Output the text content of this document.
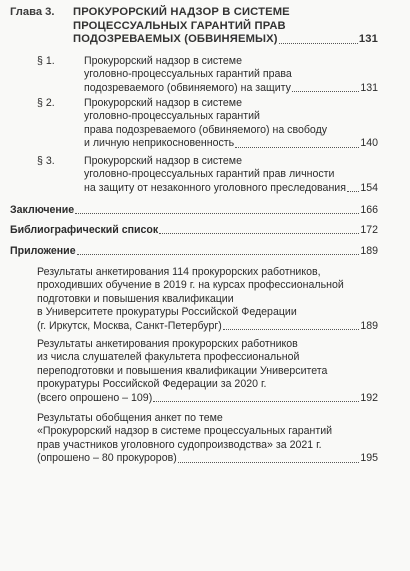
Глава 3. ПРОКУРОРСКИЙ НАДЗОР В СИСТЕМЕ
ПРОЦЕССУАЛЬНЫХ ГАРАНТИЙ ПРАВ
ПОДОЗРЕВАЕМЫХ (ОБВИНЯЕМЫХ)	131
§ 1.	Прокурорский надзор в системе
уголовно-процессуальных гарантий права
подозреваемого (обвиняемого) на защиту	131
§ 2.	Прокурорский надзор в системе
уголовно-процессуальных гарантий
права подозреваемого (обвиняемого) на свободу
и личную неприкосновенность	140
§ 3.	Прокурорский надзор в системе
уголовно-процессуальных гарантий прав личности
на защиту от незаконного уголовного преследования 154
Заключение	166
Библиографический список	172
Приложение	189
Результаты анкетирования 114 прокурорских работников,
проходивших обучение в 2019 г. на курсах профессиональной
подготовки и повышения квалификации
в Университете прокуратуры Российской Федерации
(г. Иркутск, Москва, Санкт-Петербург)	189
Результаты анкетирования прокурорских работников
из числа слушателей факультета профессиональной
переподготовки и повышения квалификации Университета
прокуратуры Российской Федерации за 2020 г.
(всего опрошено – 109)	192
Результаты обобщения анкет по теме
«Прокурорский надзор в системе процессуальных гарантий
прав участников уголовного судопроизводства» за 2021 г.
(опрошено – 80 прокуроров)	195
